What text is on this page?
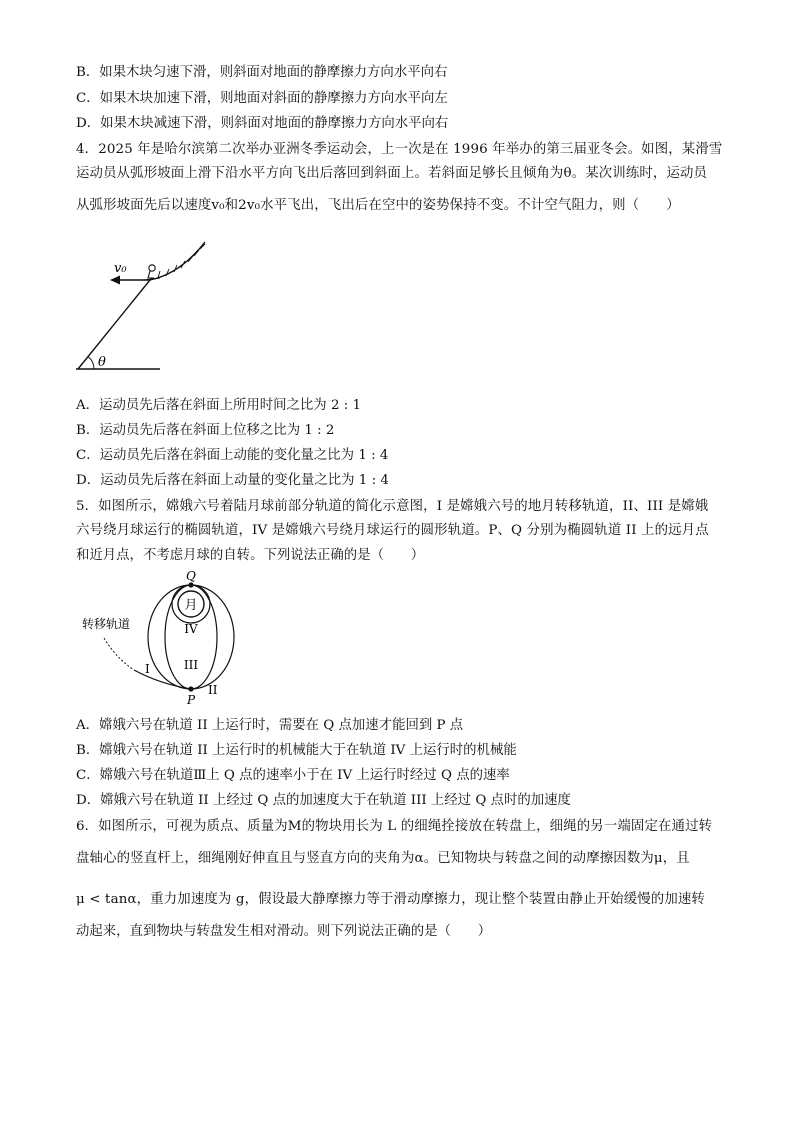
B．如果木块匀速下滑，则斜面对地面的静摩擦力方向水平向右
C．如果木块加速下滑，则地面对斜面的静摩擦力方向水平向左
D．如果木块减速下滑，则斜面对地面的静摩擦力方向水平向右
4．2025 年是哈尔滨第二次举办亚洲冬季运动会，上一次是在 1996 年举办的第三届亚冬会。如图，某滑雪
运动员从弧形坡面上滑下沿水平方向飞出后落回到斜面上。若斜面足够长且倾角为θ。某次训练时，运动员
从弧形坡面先后以速度v₀和2v₀水平飞出，飞出后在空中的姿势保持不变。不计空气阻力，则（　　）
v₀
θ
A．运动员先后落在斜面上所用时间之比为 2 : 1
B．运动员先后落在斜面上位移之比为 1 : 2
C．运动员先后落在斜面上动能的变化量之比为 1 : 4
D．运动员先后落在斜面上动量的变化量之比为 1 : 4
5．如图所示，嫦娥六号着陆月球前部分轨道的简化示意图，I 是嫦娥六号的地月转移轨道，II、III 是嫦娥
六号绕月球运行的椭圆轨道，IV 是嫦娥六号绕月球运行的圆形轨道。P、Q 分别为椭圆轨道 II 上的远月点
和近月点，不考虑月球的自转。下列说法正确的是（　　）
月
Q
P
IV
III
II
I
转移轨道
A．嫦娥六号在轨道 II 上运行时，需要在 Q 点加速才能回到 P 点
B．嫦娥六号在轨道 II 上运行时的机械能大于在轨道 IV 上运行时的机械能
C．嫦娥六号在轨道Ⅲ上 Q 点的速率小于在 IV 上运行时经过 Q 点的速率
D．嫦娥六号在轨道 II 上经过 Q 点的加速度大于在轨道 III 上经过 Q 点时的加速度
6．如图所示，可视为质点、质量为M的物块用长为 L 的细绳拴接放在转盘上，细绳的另一端固定在通过转
盘轴心的竖直杆上，细绳刚好伸直且与竖直方向的夹角为α。已知物块与转盘之间的动摩擦因数为μ，且
μ < tanα，重力加速度为 g，假设最大静摩擦力等于滑动摩擦力，现让整个装置由静止开始缓慢的加速转
动起来，直到物块与转盘发生相对滑动。则下列说法正确的是（　　）
